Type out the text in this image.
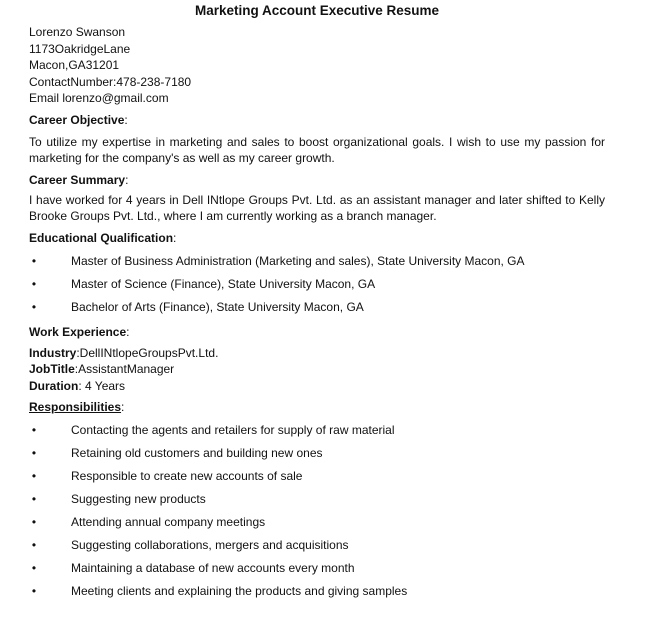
Marketing Account Executive Resume
Lorenzo Swanson
1173OakridgeLane
Macon,GA31201
ContactNumber:478-238-7180
Email lorenzo@gmail.com
Career Objective:
To utilize my expertise in marketing and sales to boost organizational goals. I wish to use my passion for marketing for the company's as well as my career growth.
Career Summary:
I have worked for 4 years in Dell INtlope Groups Pvt. Ltd. as an assistant manager and later shifted to Kelly Brooke Groups Pvt. Ltd., where I am currently working as a branch manager.
Educational Qualification:
•	Master of Business Administration (Marketing and sales), State University Macon, GA
•	Master of Science (Finance), State University Macon, GA
•	Bachelor of Arts (Finance), State University Macon, GA
Work Experience:
Industry:DellINtlopeGroupsPvt.Ltd.
JobTitle:AssistantManager
Duration: 4 Years
Responsibilities:
•	Contacting the agents and retailers for supply of raw material
•	Retaining old customers and building new ones
•	Responsible to create new accounts of sale
•	Suggesting new products
•	Attending annual company meetings
•	Suggesting collaborations, mergers and acquisitions
•	Maintaining a database of new accounts every month
•	Meeting clients and explaining the products and giving samples
